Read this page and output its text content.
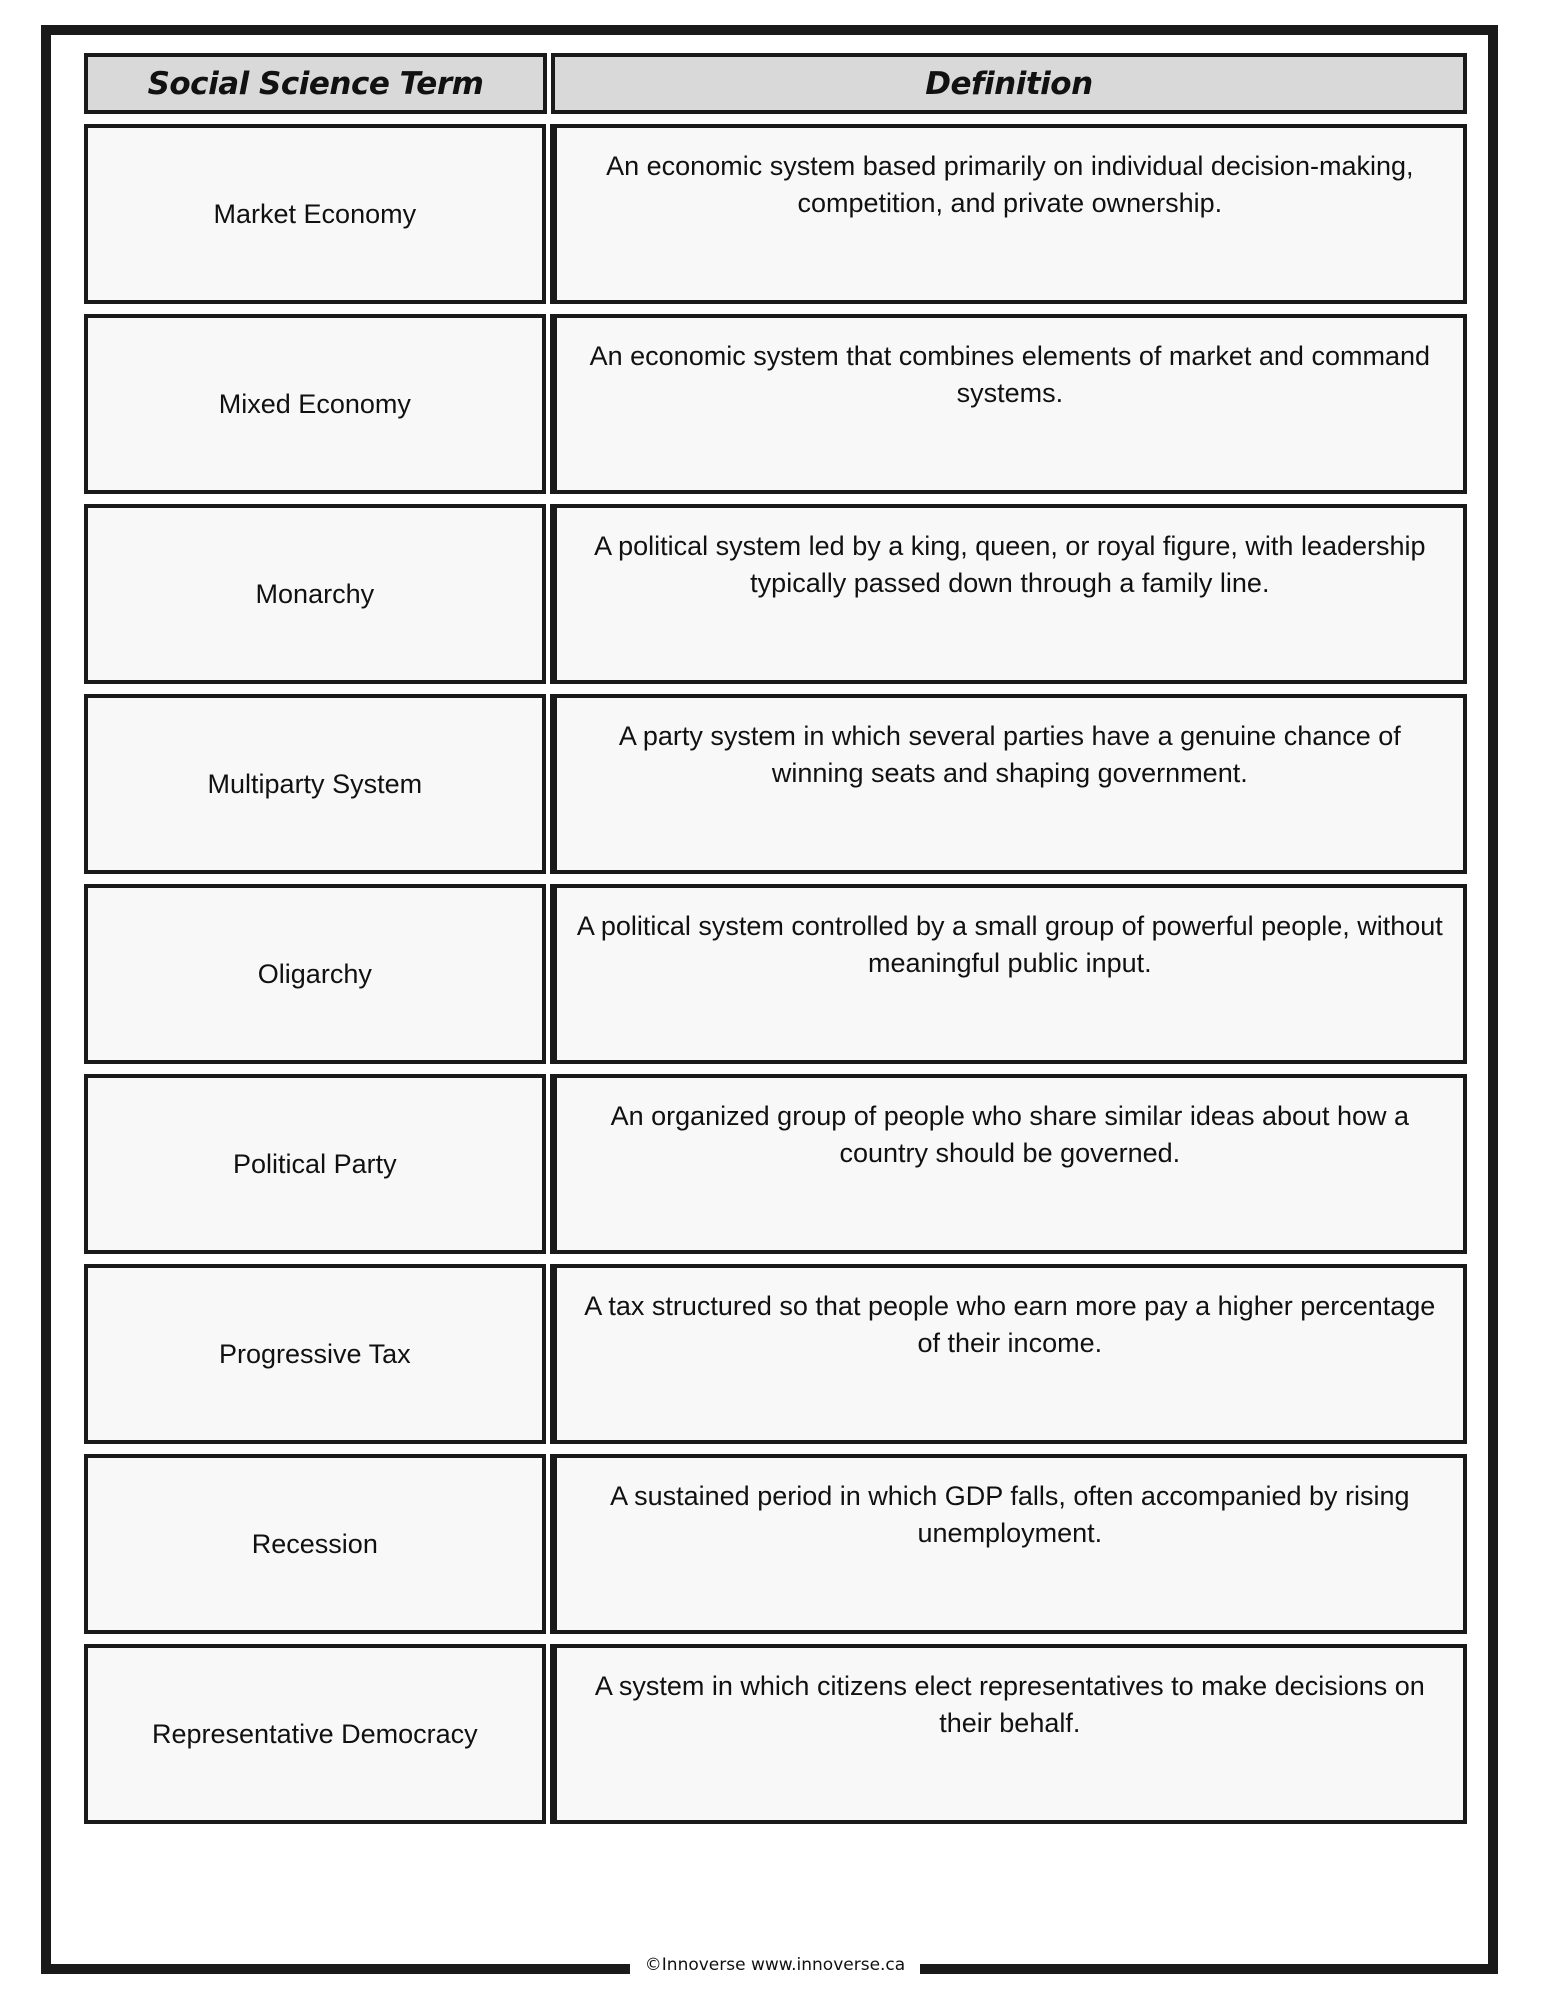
Social Science Term	Definition
Market Economy
An economic system based primarily on individual decision-making, competition, and private ownership.
Mixed Economy
An economic system that combines elements of market and command systems.
Monarchy
A political system led by a king, queen, or royal figure, with leadership typically passed down through a family line.
Multiparty System
A party system in which several parties have a genuine chance of winning seats and shaping government.
Oligarchy
A political system controlled by a small group of powerful people, without meaningful public input.
Political Party
An organized group of people who share similar ideas about how a country should be governed.
Progressive Tax
A tax structured so that people who earn more pay a higher percentage of their income.
Recession
A sustained period in which GDP falls, often accompanied by rising unemployment.
Representative Democracy
A system in which citizens elect representatives to make decisions on their behalf.
©Innoverse www.innoverse.ca
